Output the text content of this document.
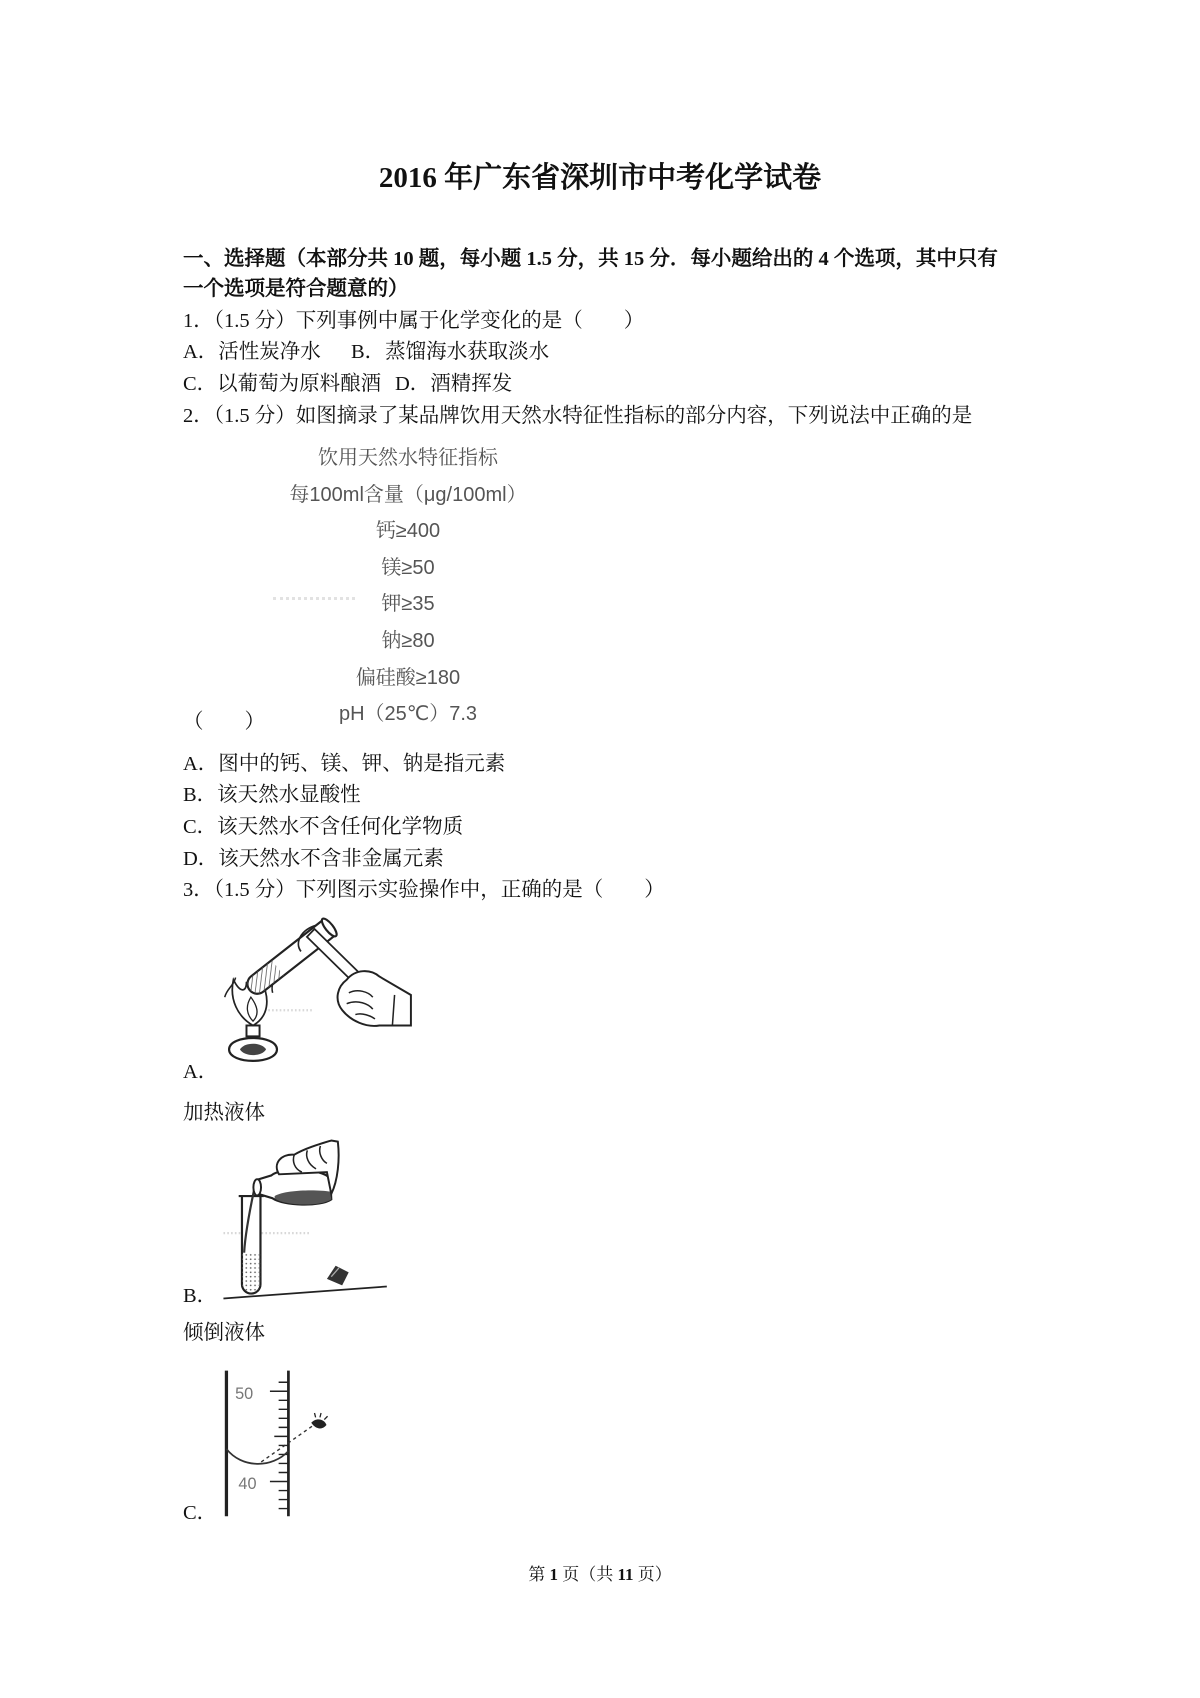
2016 年广东省深圳市中考化学试卷
一、选择题（本部分共 10 题，每小题 1.5 分，共 15 分．每小题给出的 4 个选项，其中只有
一个选项是符合题意的）
1．（1.5 分）下列事例中属于化学变化的是（　　）
A．活性炭净水 B．蒸馏海水获取淡水
C．以葡萄为原料酿酒 D．酒精挥发
2．（1.5 分）如图摘录了某品牌饮用天然水特征性指标的部分内容，下列说法中正确的是
饮用天然水特征指标
每100ml含量（μg/100ml）
钙≥400
镁≥50
钾≥35
钠≥80
偏硅酸≥180
pH（25℃）7.3
（　　）
A．图中的钙、镁、钾、钠是指元素
B．该天然水显酸性
C．该天然水不含任何化学物质
D．该天然水不含非金属元素
3．（1.5 分）下列图示实验操作中，正确的是（　　）
A．
加热液体
B．
倾倒液体
50
40
C．
第 1 页（共 11 页）
